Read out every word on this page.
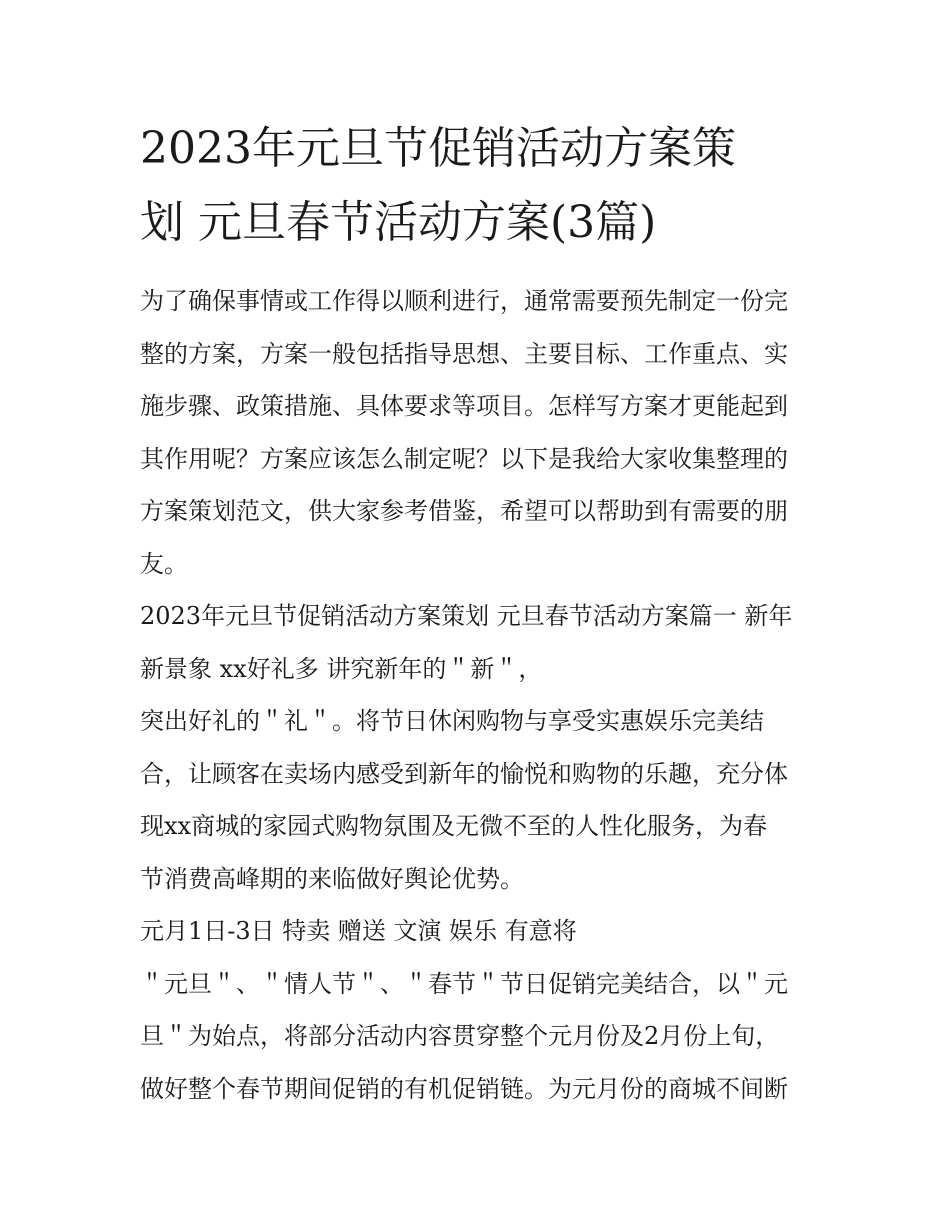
2023年元旦节促销活动方案策
划 元旦春节活动方案(3篇)

为了确保事情或工作得以顺利进行，通常需要预先制定一份完

整的方案，方案一般包括指导思想、主要目标、工作重点、实

施步骤、政策措施、具体要求等项目。怎样写方案才更能起到

其作用呢？方案应该怎么制定呢？以下是我给大家收集整理的

方案策划范文，供大家参考借鉴，希望可以帮助到有需要的朋

友。

2023年元旦节促销活动方案策划 元旦春节活动方案篇一 新年

新景象 xx好礼多 讲究新年的＂新＂，

突出好礼的＂礼＂。将节日休闲购物与享受实惠娱乐完美结

合，让顾客在卖场内感受到新年的愉悦和购物的乐趣，充分体

现xx商城的家园式购物氛围及无微不至的人性化服务，为春

节消费高峰期的来临做好舆论优势。

元月1日-3日 特卖 赠送 文演 娱乐 有意将

＂元旦＂、＂情人节＂、＂春节＂节日促销完美结合，以＂元

旦＂为始点，将部分活动内容贯穿整个元月份及2月份上旬，

做好整个春节期间促销的有机促销链。为元月份的商城不间断
